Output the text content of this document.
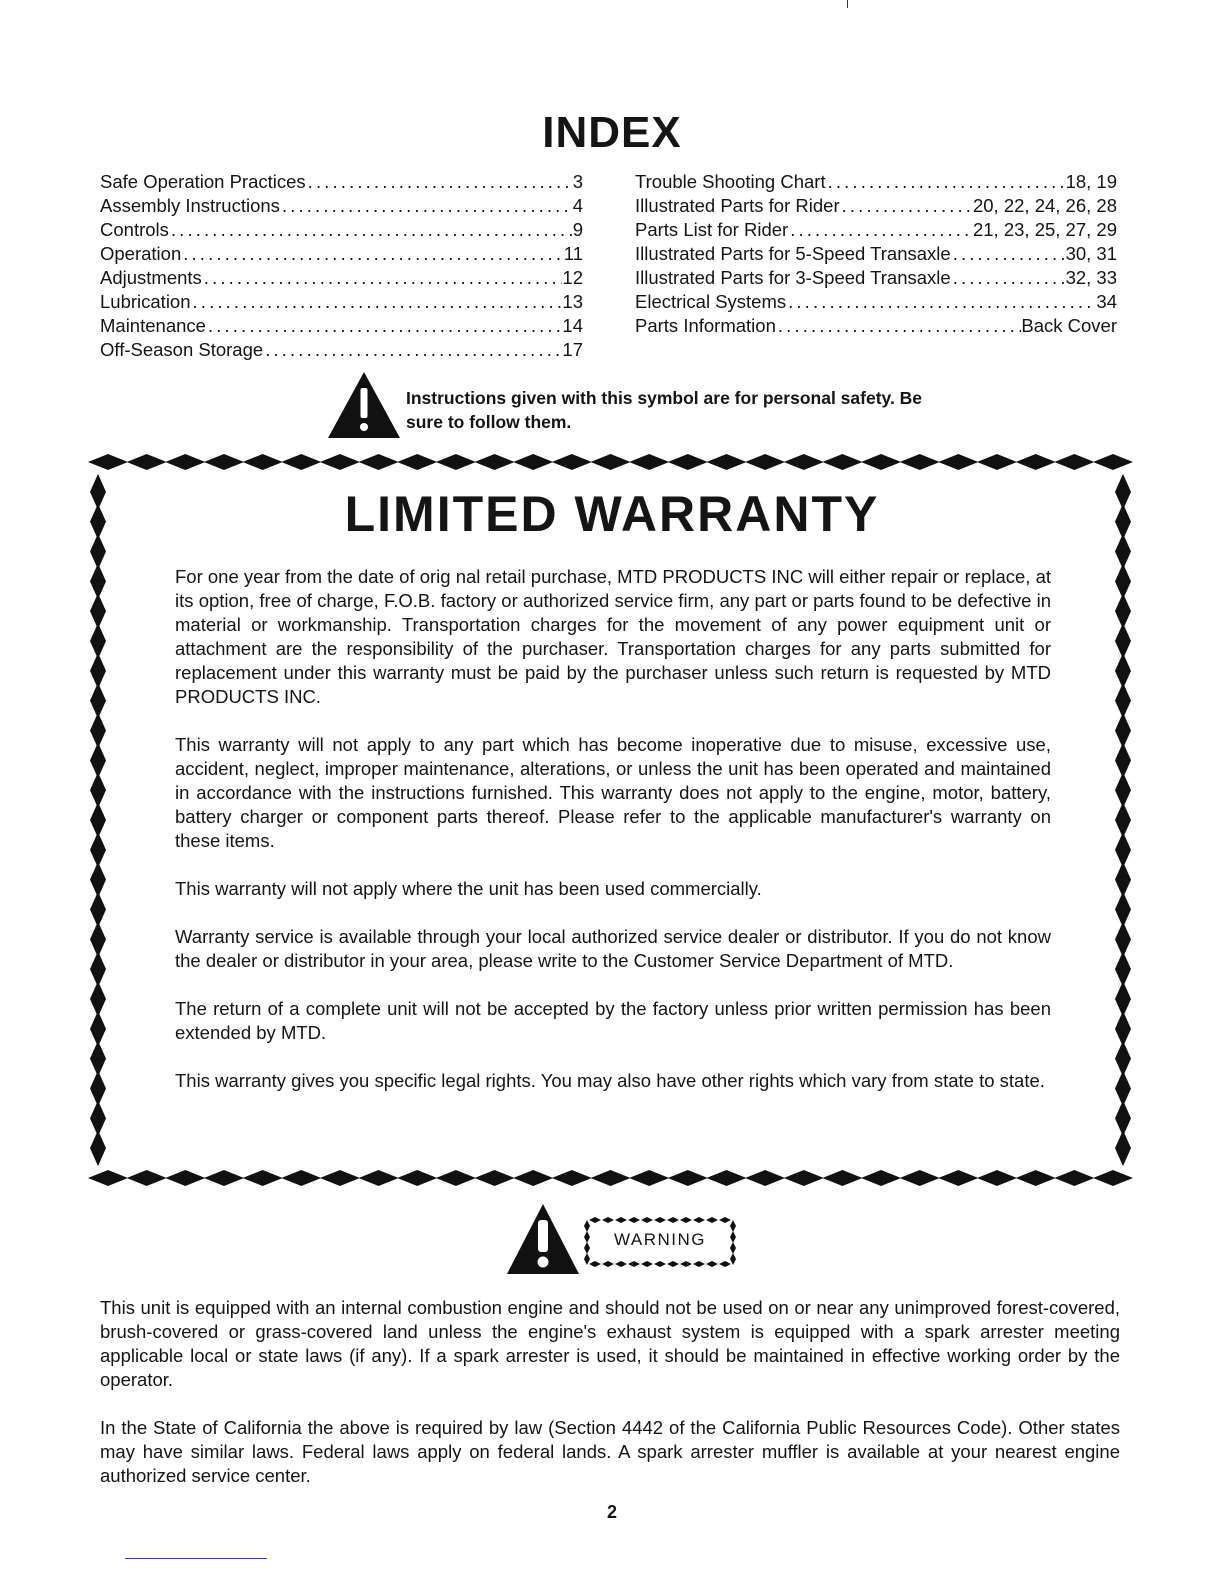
INDEX
Safe Operation Practices . . .	3
Assembly Instructions . . .	4
Controls . . .	9
Operation . . .	11
Adjustments . . .	12
Lubrication . . .	13
Maintenance . . .	14
Off-Season Storage . . .	17
Trouble Shooting Chart . . .	18, 19
Illustrated Parts for Rider . . .	20, 22, 24, 26, 28
Parts List for Rider . . .	21, 23, 25, 27, 29
Illustrated Parts for 5-Speed Transaxle . . .	30, 31
Illustrated Parts for 3-Speed Transaxle . . .	32, 33
Electrical Systems . . .	34
Parts Information . . .	Back Cover
Instructions given with this symbol are for personal safety. Be sure to follow them.
LIMITED WARRANTY

For one year from the date of orig nal retail purchase, MTD PRODUCTS INC will either repair or replace, at its option, free of charge, F.O.B. factory or authorized service firm, any part or parts found to be defective in material or workmanship. Transportation charges for the movement of any power equipment unit or attachment are the responsibility of the purchaser. Transportation charges for any parts submitted for replacement under this warranty must be paid by the purchaser unless such return is requested by MTD PRODUCTS INC.

This warranty will not apply to any part which has become inoperative due to misuse, excessive use, accident, neglect, improper maintenance, alterations, or unless the unit has been operated and maintained in accordance with the instructions furnished. This warranty does not apply to the engine, motor, battery, battery charger or component parts thereof. Please refer to the applicable manufacturer's warranty on these items.

This warranty will not apply where the unit has been used commercially.

Warranty service is available through your local authorized service dealer or distributor. If you do not know the dealer or distributor in your area, please write to the Customer Service Department of MTD.

The return of a complete unit will not be accepted by the factory unless prior written permission has been extended by MTD.

This warranty gives you specific legal rights. You may also have other rights which vary from state to state.

WARNING

This unit is equipped with an internal combustion engine and should not be used on or near any unimproved forest-covered, brush-covered or grass-covered land unless the engine's exhaust system is equipped with a spark arrester meeting applicable local or state laws (if any). If a spark arrester is used, it should be maintained in effective working order by the operator.

In the State of California the above is required by law (Section 4442 of the California Public Resources Code). Other states may have similar laws. Federal laws apply on federal lands. A spark arrester muffler is available at your nearest engine authorized service center.

2
